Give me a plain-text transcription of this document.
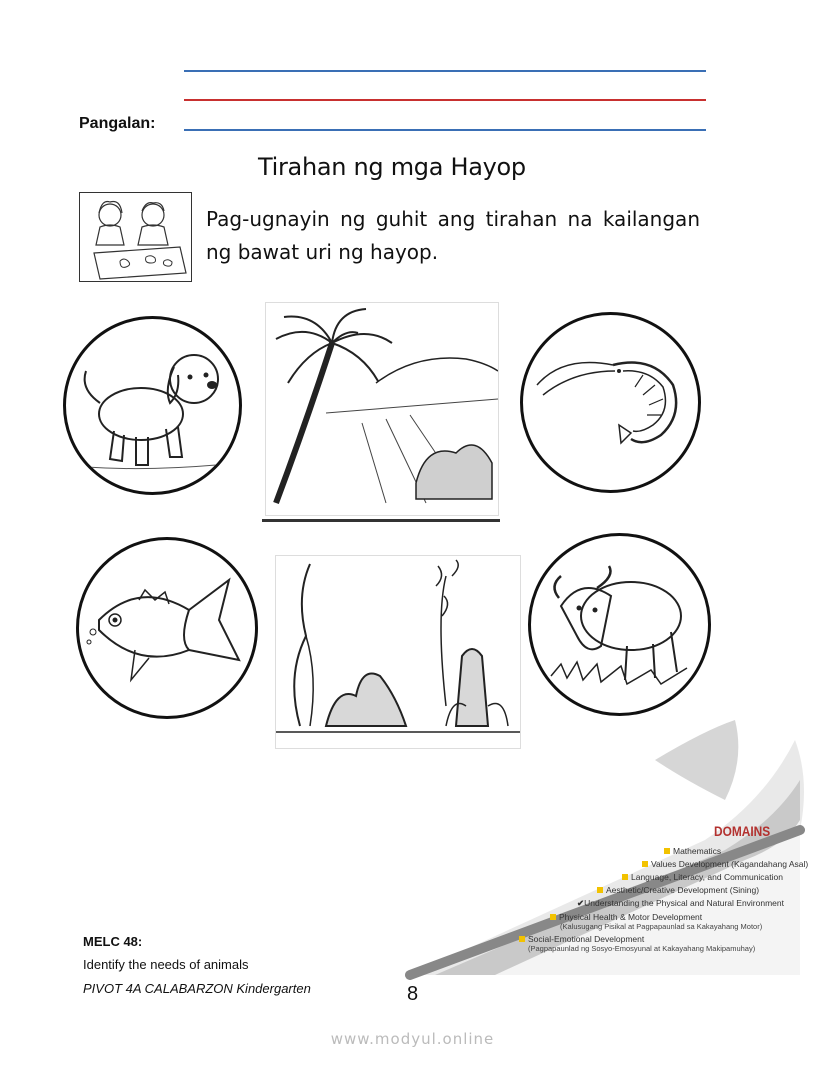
Pangalan:
Tirahan ng mga Hayop
Pag-ugnayin ng guhit ang tirahan na kailangan ng bawat uri ng hayop.
DOMAINS
Mathematics
Values Development (Kagandahang Asal)
Language, Literacy, and Communication
Aesthetic/Creative Development (Sining)
✔Understanding the Physical and Natural Environment
Physical Health & Motor Development
(Kalusugang Pisikal at Pagpapaunlad sa Kakayahang Motor)
Social-Emotional Development
(Pagpapaunlad ng Sosyo-Emosyunal at Kakayahang Makipamuhay)
MELC 48:
Identify the needs of animals
PIVOT 4A CALABARZON Kindergarten	8
www.modyul.online
